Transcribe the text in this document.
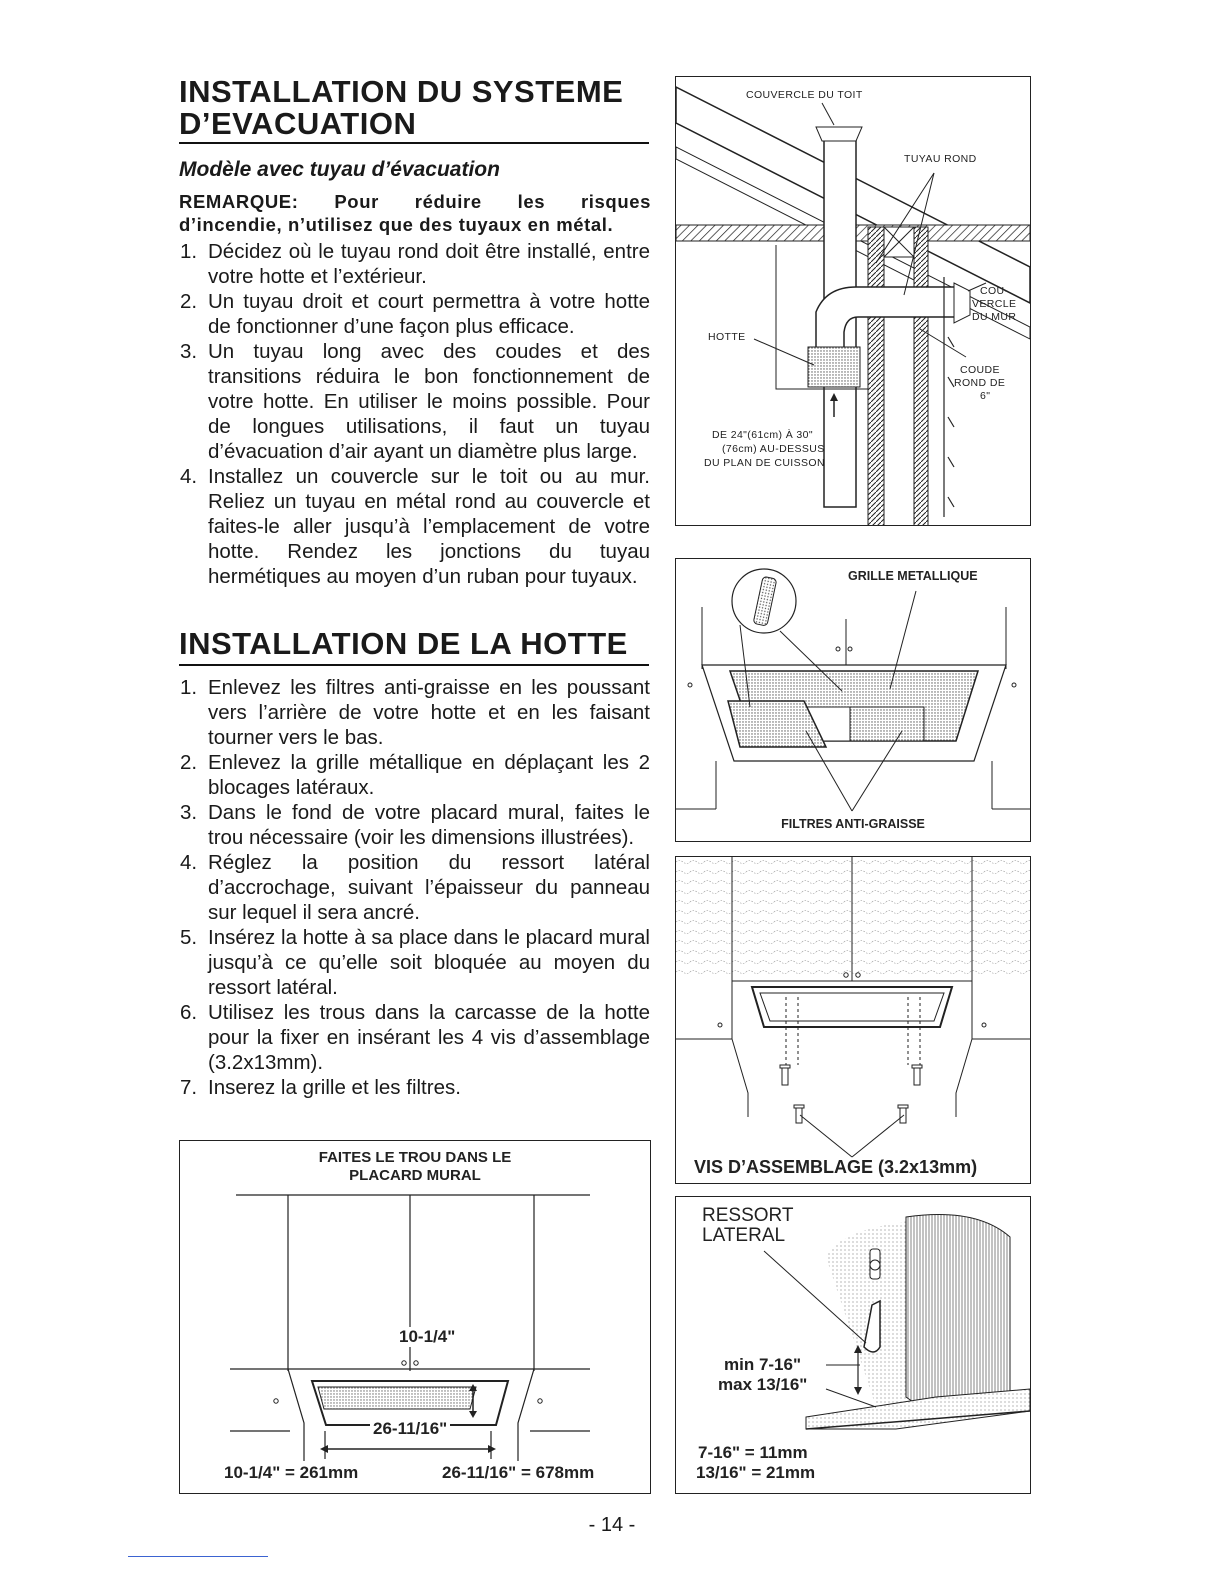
INSTALLATION DU SYSTEME
D’EVACUATION
Modèle avec tuyau d’évacuation
REMARQUE: Pour réduire les risques
d’incendie, n’utilisez que des tuyaux en métal.
1. Décidez où le tuyau rond doit être installé, entre votre hotte et l’extérieur.
2. Un tuyau droit et court permettra à votre hotte de fonctionner d’une façon plus efficace.
3. Un tuyau long avec des coudes et des transitions réduira le bon fonctionnement de votre hotte. En utiliser le moins possible. Pour de longues utilisations, il faut un tuyau d’évacuation d’air ayant un diamètre plus large.
4. Installez un couvercle sur le toit ou au mur. Reliez un tuyau en métal rond au couvercle et faites-le aller jusqu’à l’emplacement de votre hotte. Rendez les jonctions du tuyau hermétiques au moyen d’un ruban pour tuyaux.
INSTALLATION DE LA HOTTE
1. Enlevez les filtres anti-graisse en les poussant vers l’arrière de votre hotte et en les faisant tourner vers le bas.
2. Enlevez la grille métallique en déplaçant les 2 blocages latéraux.
3. Dans le fond de votre placard mural, faites le trou nécessaire (voir les dimensions illustrées).
4. Réglez la position du ressort latéral d’accrochage, suivant l’épaisseur du panneau sur lequel il sera ancré.
5. Insérez la hotte à sa place dans le placard mural jusqu’à ce qu’elle soit bloquée au moyen du ressort latéral.
6. Utilisez les trous dans la carcasse de la hotte pour la fixer en insérant les 4 vis d’assemblage (3.2x13mm).
7. Inserez la grille et les filtres.
FAITES LE TROU DANS LE
PLACARD MURAL
10-1/4"
26-11/16"
10-1/4" = 261mm	26-11/16" = 678mm
COUVERCLE DU TOIT
TUYAU ROND
COU-
VERCLE
DU MUR
HOTTE
COUDE
ROND DE
6"
DE 24"(61cm) À 30"
(76cm) AU-DESSUS
DU PLAN DE CUISSON
GRILLE METALLIQUE
FILTRES ANTI-GRAISSE
VIS D’ASSEMBLAGE (3.2x13mm)
RESSORT
LATERAL
min 7-16"
max 13/16"
7-16" = 11mm
13/16" = 21mm
- 14 -
